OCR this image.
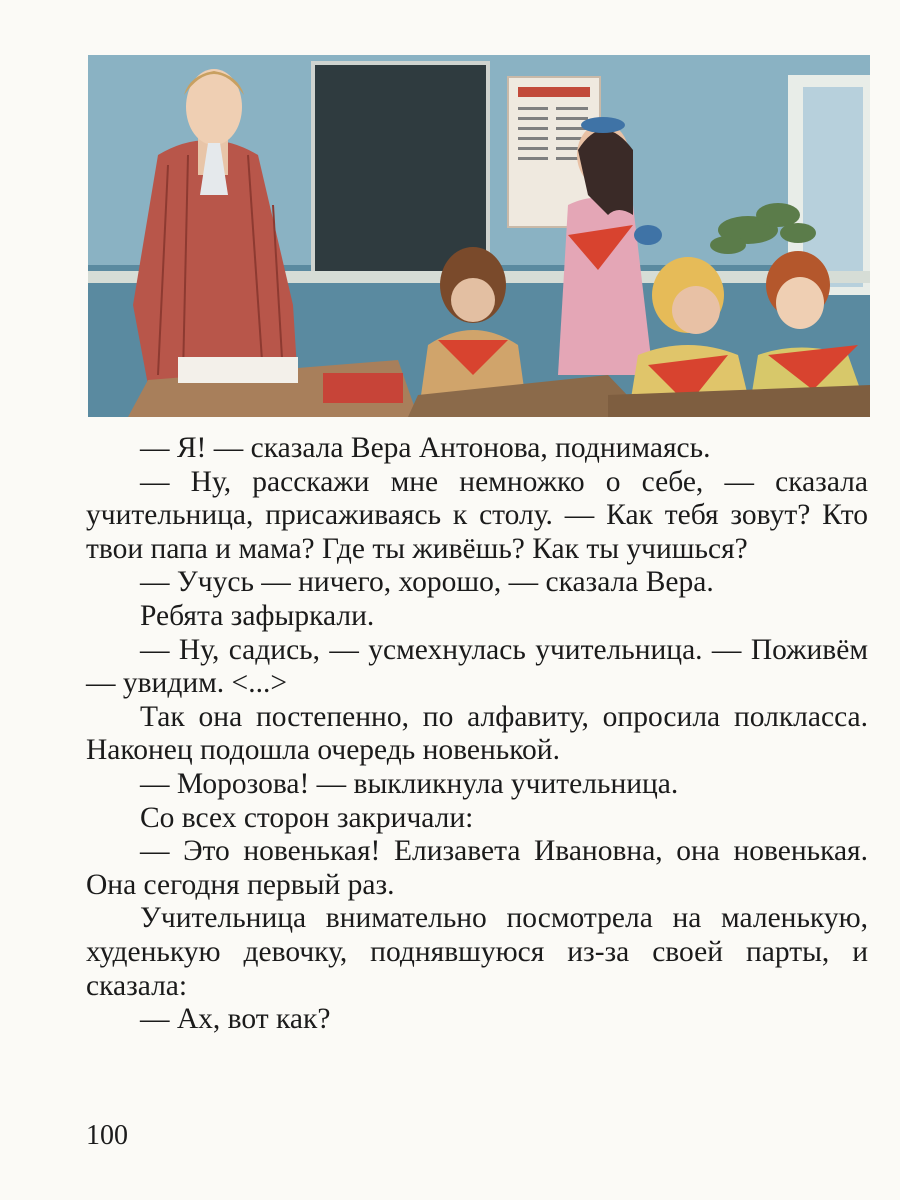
— Я! — сказала Вера Антонова, поднимаясь.

— Ну, расскажи мне немножко о себе, — сказала учительница, присаживаясь к столу. — Как тебя зовут? Кто твои папа и мама? Где ты живёшь? Как ты учишься?

— Учусь — ничего, хорошо, — сказала Вера.

Ребята зафыркали.

— Ну, садись, — усмехнулась учительница. — Поживём — увидим. <...>

Так она постепенно, по алфавиту, опросила полкласса. Наконец подошла очередь новенькой.

— Морозова! — выкликнула учительница.

Со всех сторон закричали:

— Это новенькая! Елизавета Ивановна, она новенькая. Она сегодня первый раз.

Учительница внимательно посмотрела на маленькую, худенькую девочку, поднявшуюся из-за своей парты, и сказала:

— Ах, вот как?

100
